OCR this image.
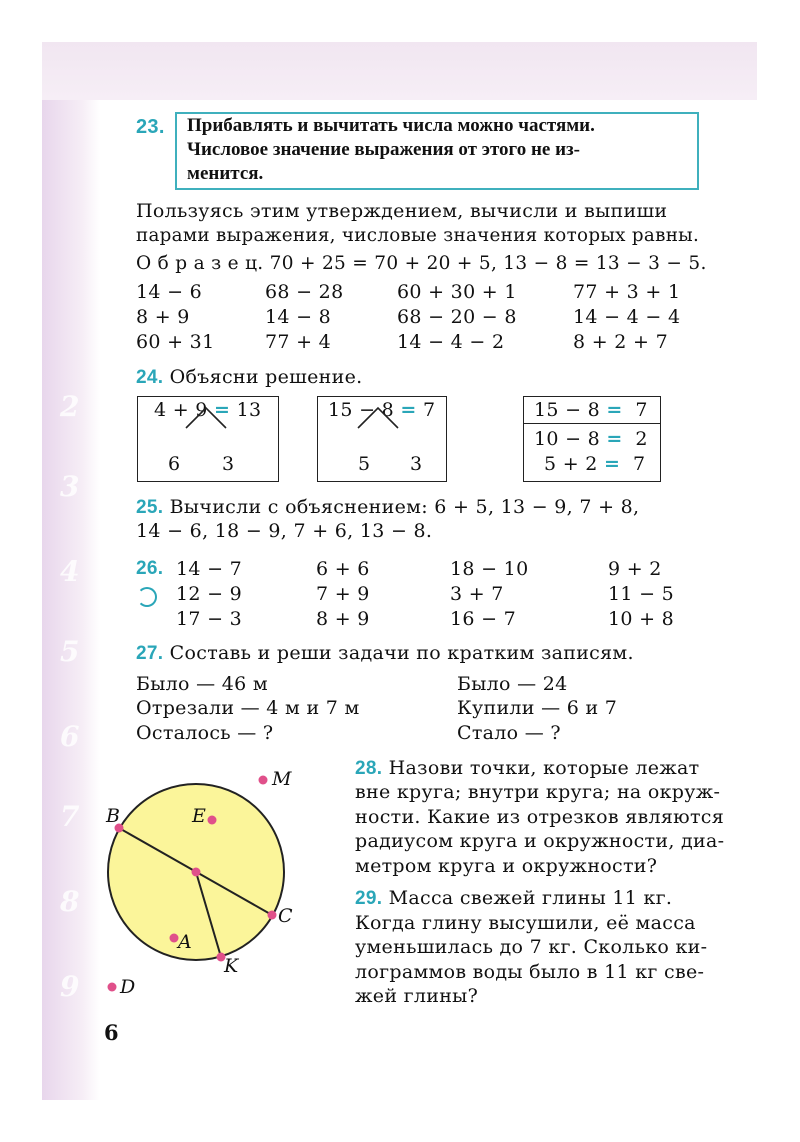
2
3
4
5
6
7
8
9
23.	Прибавлять и вычитать числа можно частями.
Числовое значение выражения от этого не из-
менится.
Пользуясь этим утверждением, вычисли и выпиши
парами выражения, числовые значения которых равны.
О б р а з е ц. 70 + 25 = 70 + 20 + 5, 13 − 8 = 13 − 3 − 5.
14 − 6	68 − 28	60 + 30 + 1	77 + 3 + 1
8 + 9	14 − 8	68 − 20 − 8	14 − 4 − 4
60 + 31	77 + 4	14 − 4 − 2	8 + 2 + 7
24. Объясни решение.
4 + 9 = 13
6 3
15 − 8 = 7
5 3
15 − 8 = 7
10 − 8 = 2
5 + 2 = 7
25. Вычисли с объяснением: 6 + 5, 13 − 9, 7 + 8,
14 − 6, 18 − 9, 7 + 6, 13 − 8.
26. 14 − 7	6 + 6	18 − 10	9 + 2
12 − 9	7 + 9	3 + 7	11 − 5
17 − 3	8 + 9	16 − 7	10 + 8
27. Составь и реши задачи по кратким записям.
Было — 46 м
Отрезали — 4 м и 7 м
Осталось — ?
Было — 24
Купили — 6 и 7
Стало — ?
28. Назови точки, которые лежат
вне круга; внутри круга; на окруж-
ности. Какие из отрезков являются
радиусом круга и окружности, диа-
метром круга и окружности?
29. Масса свежей глины 11 кг.
Когда глину высушили, её масса
уменьшилась до 7 кг. Сколько ки-
лограммов воды было в 11 кг све-
жей глины?
B	E
M
C
A
K
D
6
